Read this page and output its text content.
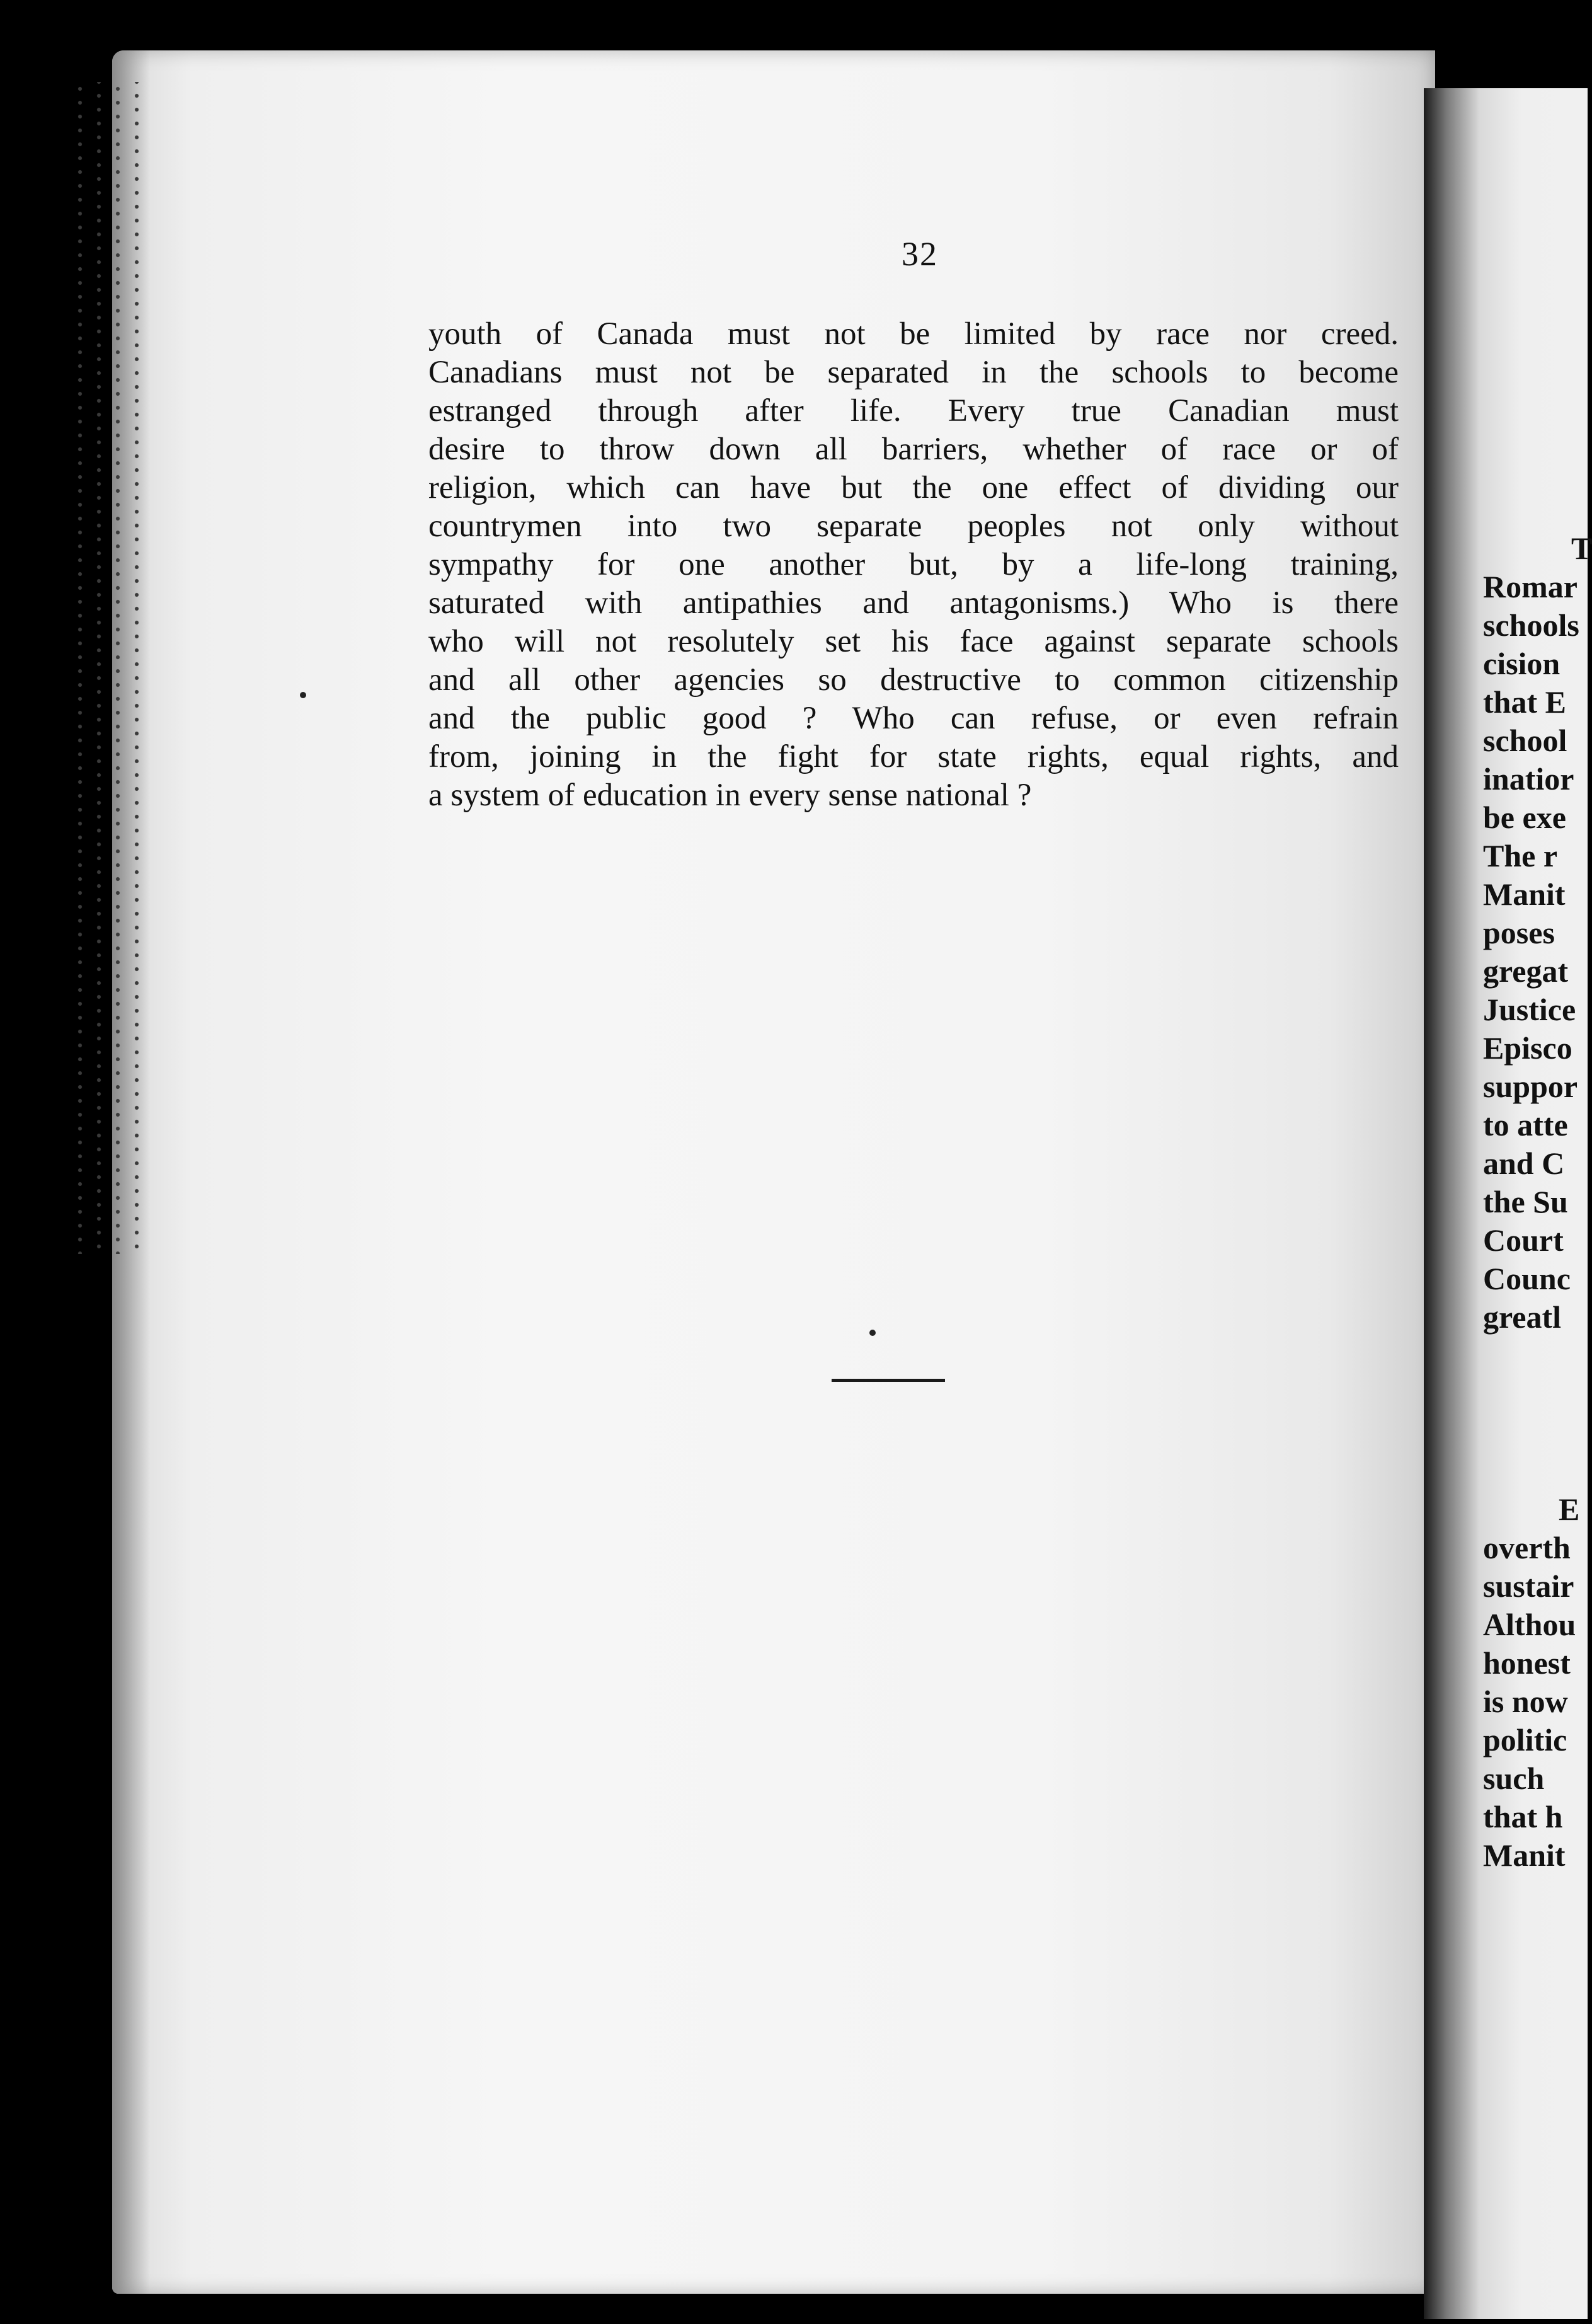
32
youth of Canada must not be limited by race nor creed.
Canadians must not be separated in the schools to become
estranged through after life. Every true Canadian must
desire to throw down all barriers, whether of race or of
religion, which can have but the one effect of dividing our
countrymen into two separate peoples not only without
sympathy for one another but, by a life-long training,
saturated with antipathies and antagonisms.) Who is there
who will not resolutely set his face against separate schools
and all other agencies so destructive to common citizenship
and the public good ? Who can refuse, or even refrain
from, joining in the fight for state rights, equal rights, and
a system of education in every sense national ?
T
Romar
schools
cision
that E
school
inatior
be exe
The r
Manit
poses
gregat
Justice
Episco
suppor
to atte
and C
the Su
Court
Counc
greatl
E
overth
sustair
Althou
honest
is now
politic
such
that h
Manit
